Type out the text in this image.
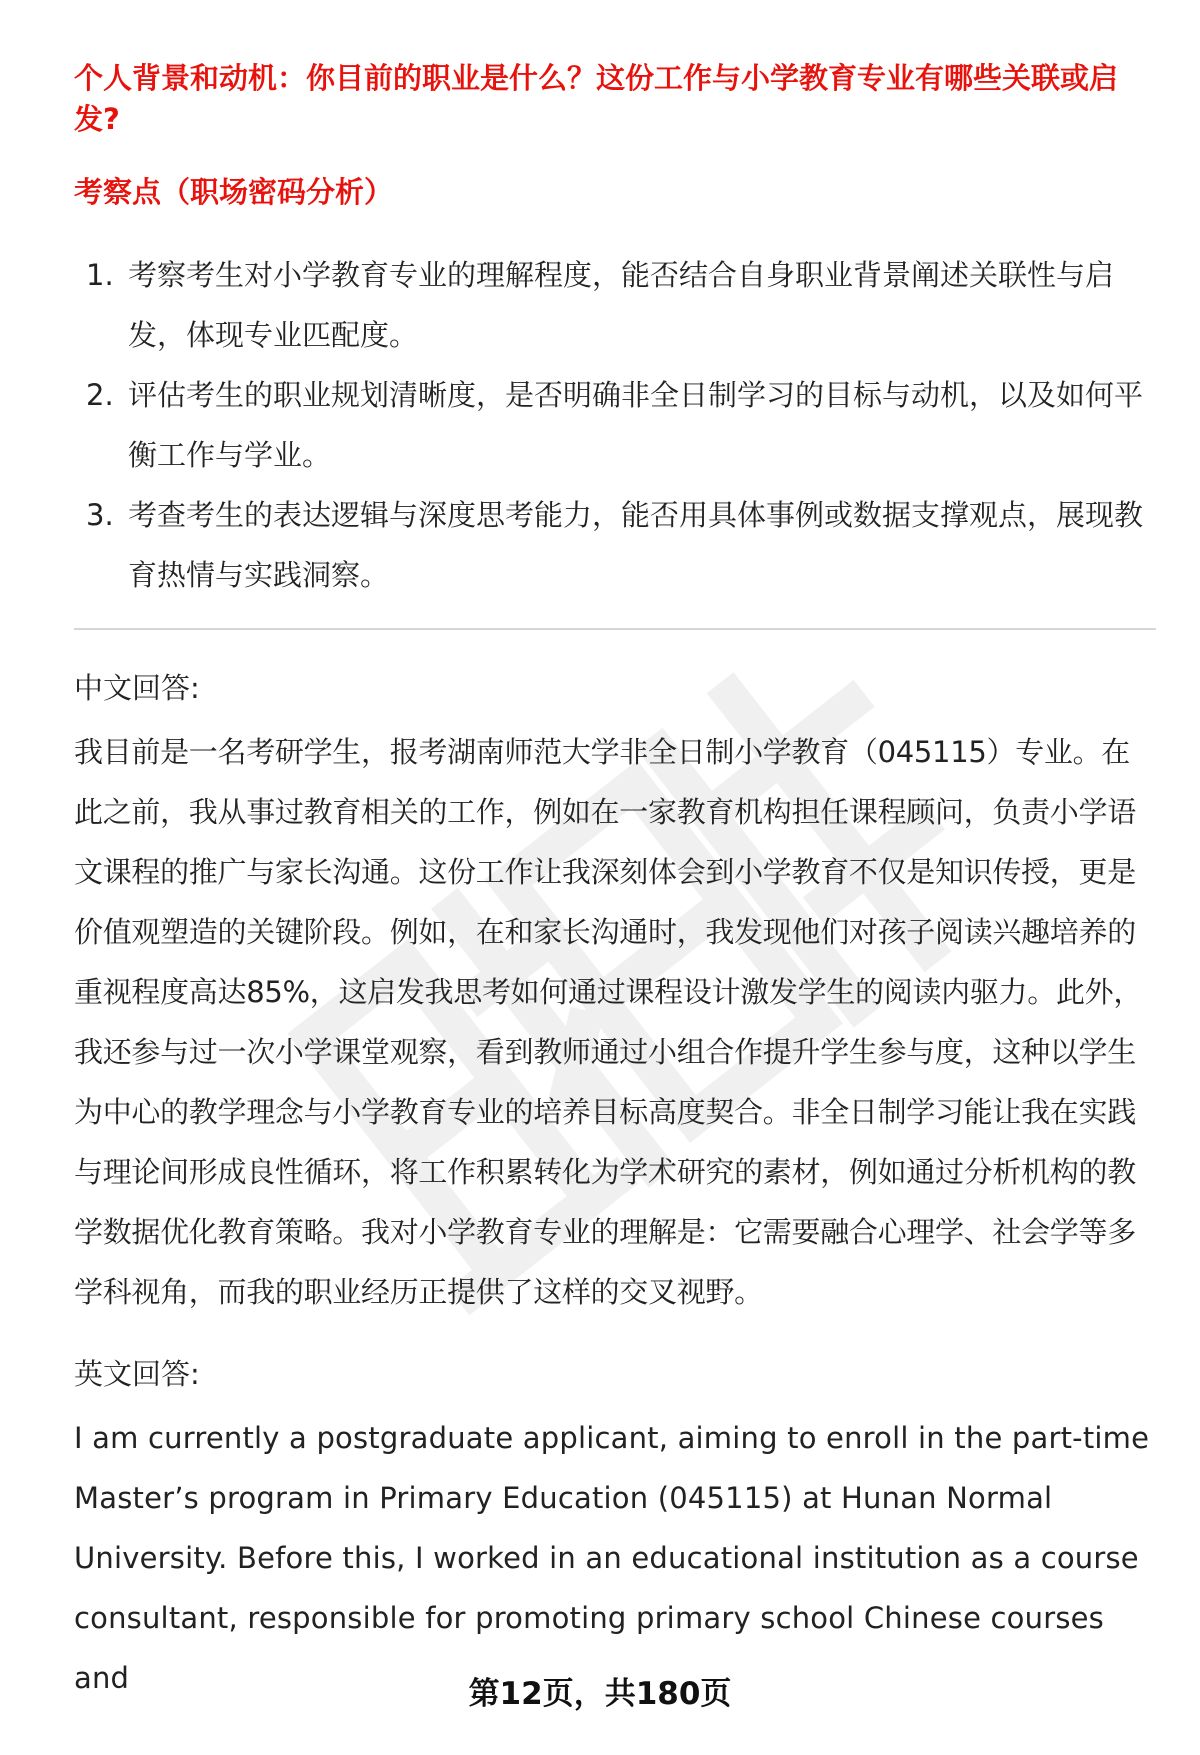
个人背景和动机：你目前的职业是什么？这份工作与小学教育专业有哪些关联或启发?
考察点（职场密码分析）
1. 考察考生对小学教育专业的理解程度，能否结合自身职业背景阐述关联性与启发，体现专业匹配度。
2. 评估考生的职业规划清晰度，是否明确非全日制学习的目标与动机，以及如何平衡工作与学业。
3. 考查考生的表达逻辑与深度思考能力，能否用具体事例或数据支撑观点，展现教育热情与实践洞察。
中文回答:
我目前是一名考研学生，报考湖南师范大学非全日制小学教育（045115）专业。在此之前，我从事过教育相关的工作，例如在一家教育机构担任课程顾问，负责小学语文课程的推广与家长沟通。这份工作让我深刻体会到小学教育不仅是知识传授，更是价值观塑造的关键阶段。例如，在和家长沟通时，我发现他们对孩子阅读兴趣培养的重视程度高达85%，这启发我思考如何通过课程设计激发学生的阅读内驱力。此外，我还参与过一次小学课堂观察，看到教师通过小组合作提升学生参与度，这种以学生为中心的教学理念与小学教育专业的培养目标高度契合。非全日制学习能让我在实践与理论间形成良性循环，将工作积累转化为学术研究的素材，例如通过分析机构的教学数据优化教育策略。我对小学教育专业的理解是：它需要融合心理学、社会学等多学科视角，而我的职业经历正提供了这样的交叉视野。
英文回答:
I am currently a postgraduate applicant, aiming to enroll in the part-time Master’s program in Primary Education (045115) at Hunan Normal University. Before this, I worked in an educational institution as a course consultant, responsible for promoting primary school Chinese courses and	第12页，共180页
